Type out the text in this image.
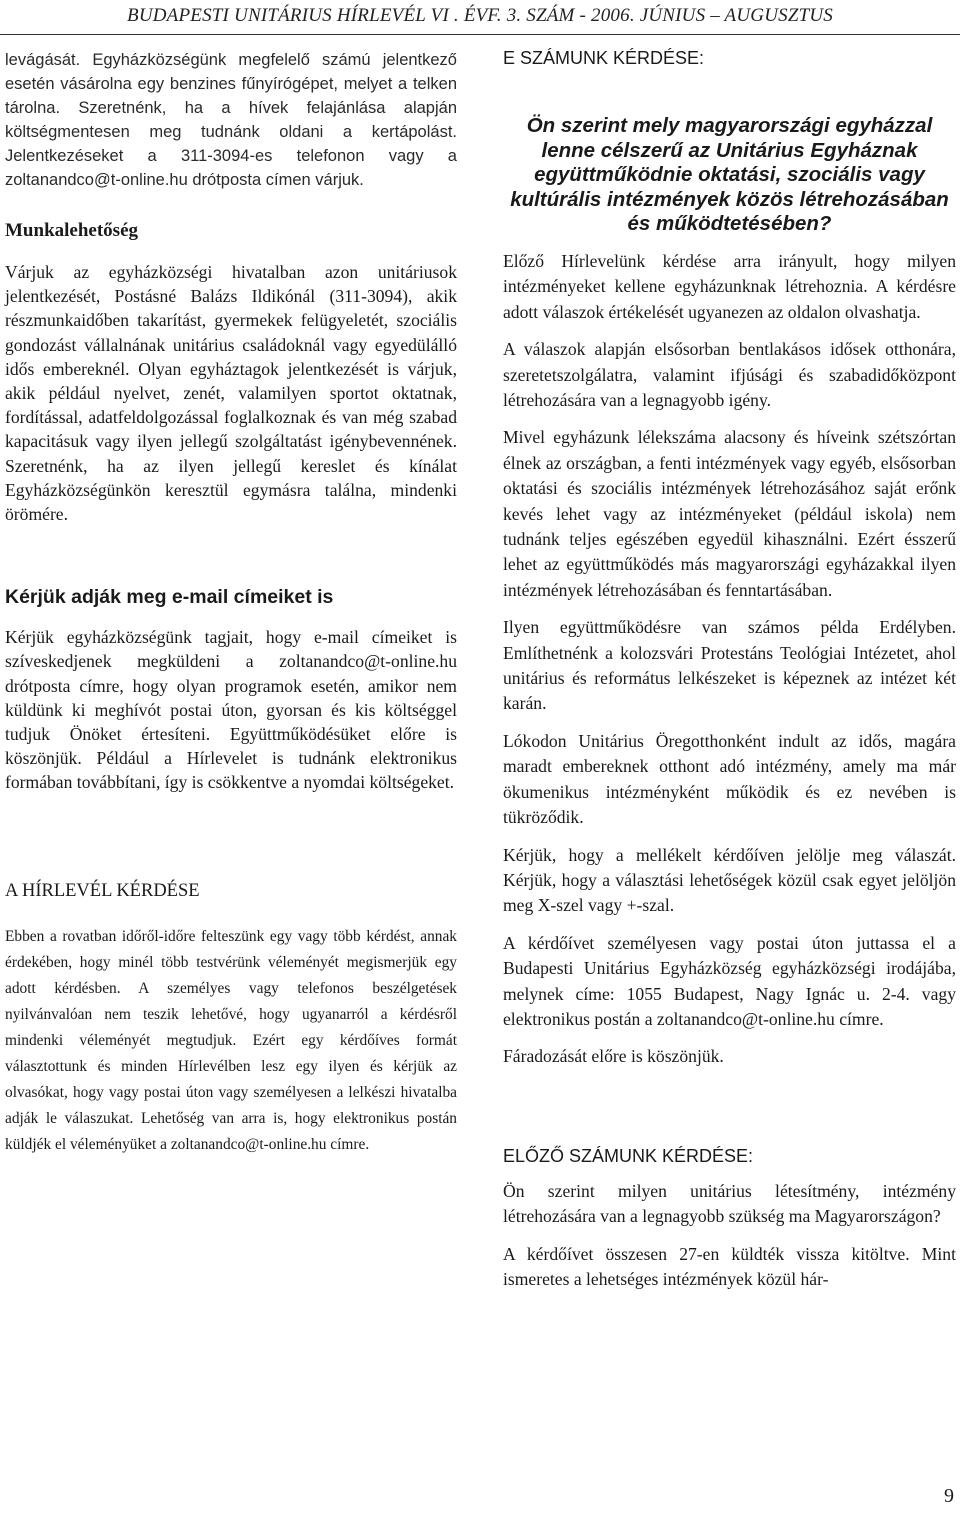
BUDAPESTI UNITÁRIUS HÍRLEVÉL VI . ÉVF. 3. SZÁM - 2006. JÚNIUS – AUGUSZTUS

levágását. Egyházközségünk megfelelő számú jelentkező esetén vásárolna egy benzines fűnyírógépet, melyet a telken tárolna. Szeretnénk, ha a hívek felajánlása alapján költségmentesen meg tudnánk oldani a kertápolást. Jelentkezéseket a 311-3094-es telefonon vagy a zoltanandco@t-online.hu drótposta címen várjuk.

Munkalehetőség

Várjuk az egyházközségi hivatalban azon unitáriusok jelentkezését, Postásné Balázs Ildikónál (311-3094), akik részmunkaidőben takarítást, gyermekek felügyeletét, szociális gondozást vállalnának unitárius családoknál vagy egyedülálló idős embereknél. Olyan egyháztagok jelentkezését is várjuk, akik például nyelvet, zenét, valamilyen sportot oktatnak, fordítással, adatfeldolgozással foglalkoznak és van még szabad kapacitásuk vagy ilyen jellegű szolgáltatást igénybevennének. Szeretnénk, ha az ilyen jellegű kereslet és kínálat Egyházközségünkön keresztül egymásra találna, mindenki örömére.

Kérjük adják meg e-mail címeiket is

Kérjük egyházközségünk tagjait, hogy e-mail címeiket is szíveskedjenek megküldeni a zoltanandco@t-online.hu drótposta címre, hogy olyan programok esetén, amikor nem küldünk ki meghívót postai úton, gyorsan és kis költséggel tudjuk Önöket értesíteni. Együttműködésüket előre is köszönjük. Például a Hírlevelet is tudnánk elektronikus formában továbbítani, így is csökkentve a nyomdai költségeket.

A HÍRLEVÉL KÉRDÉSE

Ebben a rovatban időről-időre felteszünk egy vagy több kérdést, annak érdekében, hogy minél több testvérünk véleményét megismerjük egy adott kérdésben. A személyes vagy telefonos beszélgetések nyilvánvalóan nem teszik lehetővé, hogy ugyanarról a kérdésről mindenki véleményét megtudjuk. Ezért egy kérdőíves formát választottunk és minden Hírlevélben lesz egy ilyen és kérjük az olvasókat, hogy vagy postai úton vagy személyesen a lelkészi hivatalba adják le válaszukat. Lehetőség van arra is, hogy elektronikus postán küldjék el véleményüket a zoltanandco@t-online.hu címre.

E SZÁMUNK KÉRDÉSE:

Ön szerint mely magyarországi egyházzal lenne célszerű az Unitárius Egyháznak együttműködnie oktatási, szociális vagy kultúrális intézmények közös létrehozásában és működtetésében?

Előző Hírlevelünk kérdése arra irányult, hogy milyen intézményeket kellene egyházunknak létrehoznia. A kérdésre adott válaszok értékelését ugyanezen az oldalon olvashatja.

A válaszok alapján elsősorban bentlakásos idősek otthonára, szeretetszolgálatra, valamint ifjúsági és szabadidőközpont létrehozására van a legnagyobb igény.

Mivel egyházunk lélekszáma alacsony és híveink szétszórtan élnek az országban, a fenti intézmények vagy egyéb, elsősorban oktatási és szociális intézmények létrehozásához saját erőnk kevés lehet vagy az intézményeket (például iskola) nem tudnánk teljes egészében egyedül kihasználni. Ezért ésszerű lehet az együttműködés más magyarországi egyházakkal ilyen intézmények létrehozásában és fenntartásában.

Ilyen együttműködésre van számos példa Erdélyben. Említhetnénk a kolozsvári Protestáns Teológiai Intézetet, ahol unitárius és református lelkészeket is képeznek az intézet két karán.

Lókodon Unitárius Öregotthonként indult az idős, magára maradt embereknek otthont adó intézmény, amely ma már ökumenikus intézményként működik és ez nevében is tükröződik.

Kérjük, hogy a mellékelt kérdőíven jelölje meg válaszát. Kérjük, hogy a választási lehetőségek közül csak egyet jelöljön meg X-szel vagy +-szal.

A kérdőívet személyesen vagy postai úton juttassa el a Budapesti Unitárius Egyházközség egyházközségi irodájába, melynek címe: 1055 Budapest, Nagy Ignác u. 2-4. vagy elektronikus postán a zoltanandco@t-online.hu címre.

Fáradozását előre is köszönjük.

ELŐZŐ SZÁMUNK KÉRDÉSE:

Ön szerint milyen unitárius létesítmény, intézmény létrehozására van a legnagyobb szükség ma Magyarországon?

A kérdőívet összesen 27-en küldték vissza kitöltve. Mint ismeretes a lehetséges intézmények közül hár-

9
